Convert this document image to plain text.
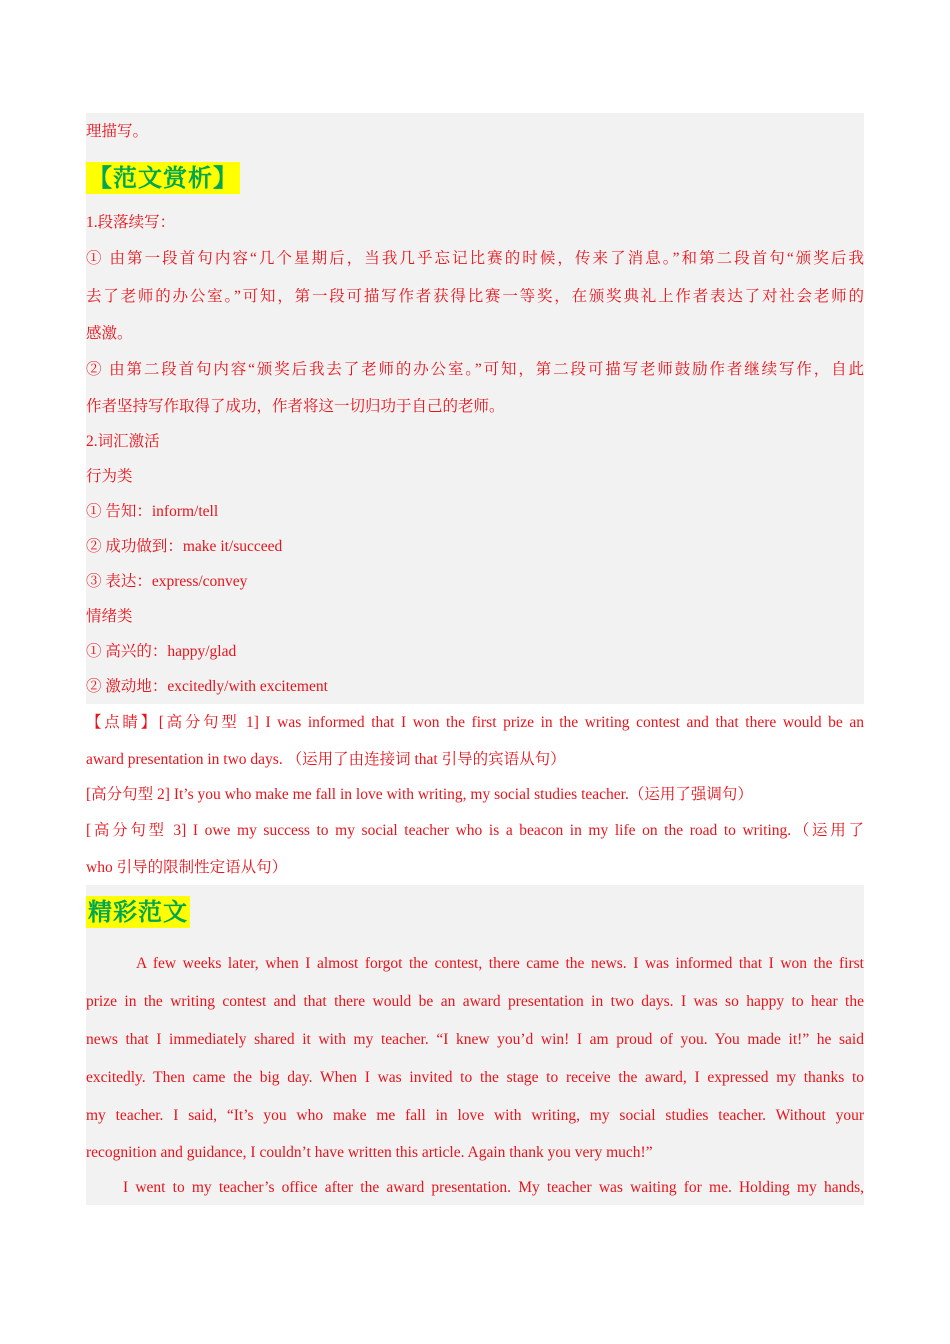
理描写。

【范文赏析】

1.段落续写：

① 由第一段首句内容“几个星期后，当我几乎忘记比赛的时候，传来了消息。”和第二段首句“颁奖后我

去了老师的办公室。”可知，第一段可描写作者获得比赛一等奖，在颁奖典礼上作者表达了对社会老师的

感激。

② 由第二段首句内容“颁奖后我去了老师的办公室。”可知，第二段可描写老师鼓励作者继续写作，自此

作者坚持写作取得了成功，作者将这一切归功于自己的老师。

2.词汇激活

行为类

① 告知：inform/tell

② 成功做到：make it/succeed

③ 表达：express/convey

情绪类

① 高兴的：happy/glad

② 激动地：excitedly/with excitement

【点睛】[高分句型 1] I was informed that I won the first prize in the writing contest and that there would be an

award presentation in two days. （运用了由连接词 that 引导的宾语从句）

[高分句型 2] It’s you who make me fall in love with writing, my social studies teacher.（运用了强调句）

[高分句型 3] I owe my success to my social teacher who is a beacon in my life on the road to writing.（运用了

who 引导的限制性定语从句）

精彩范文

A few weeks later, when I almost forgot the contest, there came the news. I was informed that I won the first

prize in the writing contest and that there would be an award presentation in two days. I was so happy to hear the

news that I immediately shared it with my teacher. “I knew you’d win! I am proud of you. You made it!” he said

excitedly. Then came the big day. When I was invited to the stage to receive the award, I expressed my thanks to

my teacher. I said, “It’s you who make me fall in love with writing, my social studies teacher. Without your

recognition and guidance, I couldn’t have written this article. Again thank you very much!”

I went to my teacher’s office after the award presentation. My teacher was waiting for me. Holding my hands,
